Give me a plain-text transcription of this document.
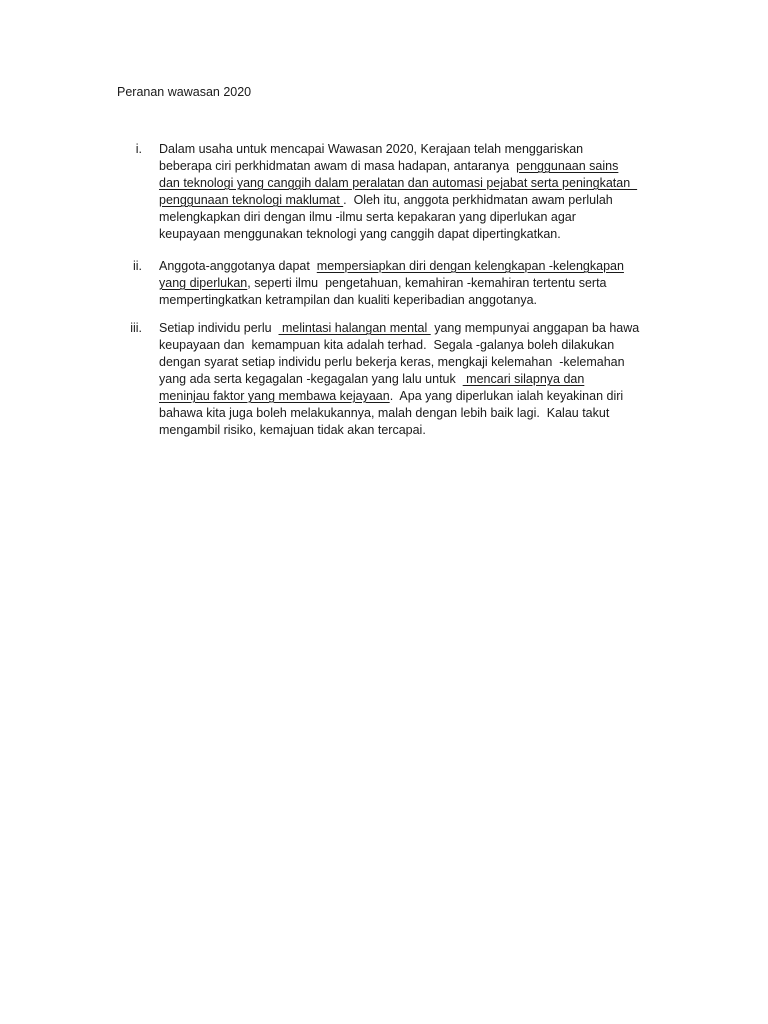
Peranan wawasan 2020
i. Dalam usaha untuk mencapai Wawasan 2020, Kerajaan telah menggariskan
beberapa ciri perkhidmatan awam di masa hadapan, antaranya  penggunaan sains
dan teknologi yang canggih dalam peralatan dan automasi pejabat serta peningkatan
penggunaan teknologi maklumat .  Oleh itu, anggota perkhidmatan awam perlulah
melengkapkan diri dengan ilmu -ilmu serta kepakaran yang diperlukan agar
keupayaan menggunakan teknologi yang canggih dapat dipertingkatkan.
ii. Anggota-anggotanya dapat  mempersiapkan diri dengan kelengkapan -kelengkapan
yang diperlukan, seperti ilmu  pengetahuan, kemahiran -kemahiran tertentu serta
mempertingkatkan ketrampilan dan kualiti keperibadian anggotanya.
iii. Setiap individu perlu   melintasi halangan mental  yang mempunyai anggapan ba hawa
keupayaan dan  kemampuan kita adalah terhad.  Segala -galanya boleh dilakukan
dengan syarat setiap individu perlu bekerja keras, mengkaji kelemahan  -kelemahan
yang ada serta kegagalan -kegagalan yang lalu untuk   mencari silapnya dan
meninjau faktor yang membawa kejayaan.  Apa yang diperlukan ialah keyakinan diri
bahawa kita juga boleh melakukannya, malah dengan lebih baik lagi.  Kalau takut
mengambil risiko, kemajuan tidak akan tercapai.
